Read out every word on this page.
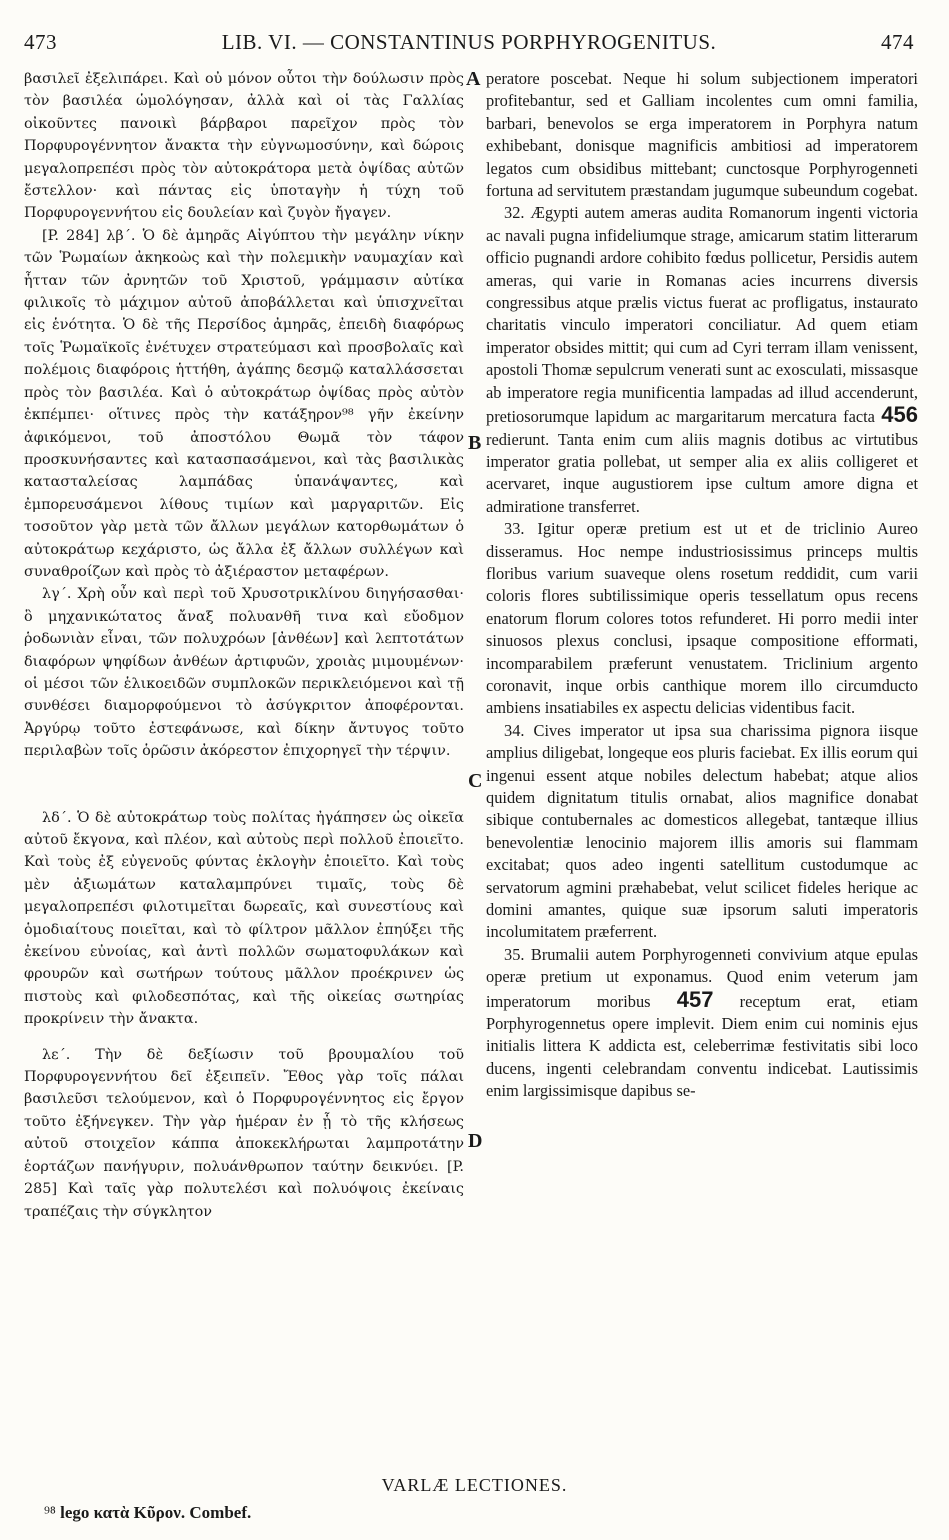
473	LIB. VI. — CONSTANTINUS PORPHYROGENITUS.	474

βασιλεῖ ἐξελιπάρει. Καὶ οὐ μόνον οὗτοι τὴν δούλωσιν πρὸς τὸν βασιλέα ὡμολόγησαν, ἀλλὰ καὶ οἱ τὰς Γαλλίας οἰκοῦντες πανοικὶ βάρβαροι παρεῖχον πρὸς τὸν Πορφυρογέννητον ἄνακτα τὴν εὐγνωμοσύνην, καὶ δώροις μεγαλοπρεπέσι πρὸς τὸν αὐτοκράτορα μετὰ ὀψίδας αὐτῶν ἔστελλον· καὶ πάντας εἰς ὑποταγὴν ἡ τύχη τοῦ Πορφυρογεννήτου εἰς δουλείαν καὶ ζυγὸν ἤγαγεν.

[P. 284] λβ΄. Ὁ δὲ ἀμηρᾶς Αἰγύπτου τὴν μεγάλην νίκην τῶν Ῥωμαίων ἀκηκοὼς καὶ τὴν πολεμικὴν ναυμαχίαν καὶ ἧτταν τῶν ἀρνητῶν τοῦ Χριστοῦ, γράμμασιν αὐτίκα φιλικοῖς τὸ μάχιμον αὐτοῦ ἀποβάλλεται καὶ ὑπισχνεῖται εἰς ἑνότητα. Ὁ δὲ τῆς Περσίδος ἀμηρᾶς, ἐπειδὴ διαφόρως τοῖς Ῥωμαϊκοῖς ἐνέτυχεν στρατεύμασι καὶ προσβολαῖς καὶ πολέμοις διαφόροις ἡττήθη, ἀγάπης δεσμῷ καταλλάσσεται πρὸς τὸν βασιλέα. Καὶ ὁ αὐτοκράτωρ ὀψίδας πρὸς αὐτὸν ἐκπέμπει· οἵτινες πρὸς τὴν κατάξηρον⁹⁸ γῆν ἐκείνην ἀφικόμενοι, τοῦ ἀποστόλου Θωμᾶ τὸν τάφον προσκυνήσαντες καὶ κατασπασάμενοι, καὶ τὰς βασιλικὰς κατασταλείσας λαμπάδας ὑπανάψαντες, καὶ ἐμπορευσάμενοι λίθους τιμίων καὶ μαργαριτῶν. Εἰς τοσοῦτον γὰρ μετὰ τῶν ἄλλων μεγάλων κατορθωμάτων ὁ αὐτοκράτωρ κεχάριστο, ὡς ἄλλα ἐξ ἄλλων συλλέγων καὶ συναθροίζων καὶ πρὸς τὸ ἀξιέραστον μεταφέρων.

λγ΄. Χρὴ οὖν καὶ περὶ τοῦ Χρυσοτρικλίνου διηγήσασθαι· ὃ μηχανικώτατος ἄναξ πολυανθῆ τινα καὶ εὔοδμον ῥοδωνιὰν εἶναι, τῶν πολυχρόων [ἀνθέων] καὶ λεπτοτάτων διαφόρων ψηφίδων ἀνθέων ἀρτιφυῶν, χροιὰς μιμουμένων· οἱ μέσοι τῶν ἑλικοειδῶν συμπλοκῶν περικλειόμενοι καὶ τῇ συνθέσει διαμορφούμενοι τὸ ἀσύγκριτον ἀποφέρονται. Ἀργύρῳ τοῦτο ἐστεφάνωσε, καὶ δίκην ἄντυγος τοῦτο περιλαβὼν τοῖς ὁρῶσιν ἀκόρεστον ἐπιχορηγεῖ τὴν τέρψιν.

λδ΄. Ὁ δὲ αὐτοκράτωρ τοὺς πολίτας ἠγάπησεν ὡς οἰκεῖα αὐτοῦ ἔκγονα, καὶ πλέον, καὶ αὐτοὺς περὶ πολλοῦ ἐποιεῖτο. Καὶ τοὺς ἐξ εὐγενοῦς φύντας ἐκλογὴν ἐποιεῖτο. Καὶ τοὺς μὲν ἀξιωμάτων καταλαμπρύνει τιμαῖς, τοὺς δὲ μεγαλοπρεπέσι φιλοτιμεῖται δωρεαῖς, καὶ συνεστίους καὶ ὁμοδιαίτους ποιεῖται, καὶ τὸ φίλτρον μᾶλλον ἐπηύξει τῆς ἐκείνου εὐνοίας, καὶ ἀντὶ πολλῶν σωματοφυλάκων καὶ φρουρῶν καὶ σωτήρων τούτους μᾶλλον προέκρινεν ὡς πιστοὺς καὶ φιλοδεσπότας, καὶ τῆς οἰκείας σωτηρίας προκρίνειν τὴν ἄνακτα.

λε΄. Τὴν δὲ δεξίωσιν τοῦ βρουμαλίου τοῦ Πορφυρογεννήτου δεῖ ἐξειπεῖν. Ἔθος γὰρ τοῖς πάλαι βασιλεῦσι τελούμενον, καὶ ὁ Πορφυρογέννητος εἰς ἔργον τοῦτο ἐξήνεγκεν. Τὴν γὰρ ἡμέραν ἐν ᾗ τὸ τῆς κλήσεως αὐτοῦ στοιχεῖον κάππα ἀποκεκλήρωται λαμπροτάτην ἑορτάζων πανήγυριν, πολυάνθρωπον ταύτην δεικνύει. [P. 285] Καὶ ταῖς γὰρ πολυτελέσι καὶ πολυόψοις ἐκείναις τραπέζαις τὴν σύγκλητον

A
B
C
D

peratore poscebat. Neque hi solum subjectionem imperatori profitebantur, sed et Galliam incolentes cum omni familia, barbari, benevolos se erga imperatorem in Porphyra natum exhibebant, donisque magnificis ambitiosi ad imperatorem legatos cum obsidibus mittebant; cunctosque Porphyrogenneti fortuna ad servitutem præstandam jugumque subeundum cogebat.

32. Ægypti autem ameras audita Romanorum ingenti victoria ac navali pugna infideliumque strage, amicarum statim litterarum officio pugnandi ardore cohibito fœdus pollicetur, Persidis autem ameras, qui varie in Romanas acies incurrens diversis congressibus atque prælis victus fuerat ac profligatus, instaurato charitatis vinculo imperatori conciliatur. Ad quem etiam imperator obsides mittit; qui cum ad Cyri terram illam venissent, apostoli Thomæ sepulcrum venerati sunt ac exosculati, missasque ab imperatore regia munificentia lampadas ad illud accenderunt, pretiosorumque lapidum ac margaritarum mercatura facta 456 redierunt. Tanta enim cum aliis magnis dotibus ac virtutibus imperator gratia pollebat, ut semper alia ex aliis colligeret et acervaret, inque augustiorem ipse cultum amore digna et admiratione transferret.

33. Igitur operæ pretium est ut et de triclinio Aureo disseramus. Hoc nempe industriosissimus princeps multis floribus varium suaveque olens rosetum reddidit, cum varii coloris flores subtilissimique operis tessellatum opus recens enatorum florum colores totos refunderet. Hi porro medii inter sinuosos plexus conclusi, ipsaque compositione efformati, incomparabilem præferunt venustatem. Triclinium argento coronavit, inque orbis canthique morem illo circumducto ambiens insatiabiles ex aspectu delicias videntibus facit.

34. Cives imperator ut ipsa sua charissima pignora iisque amplius diligebat, longeque eos pluris faciebat. Ex illis eorum qui ingenui essent atque nobiles delectum habebat; atque alios quidem dignitatum titulis ornabat, alios magnifice donabat sibique contubernales ac domesticos allegebat, tantæque illius benevolentiæ lenocinio majorem illis amoris sui flammam excitabat; quos adeo ingenti satellitum custodumque ac servatorum agmini præhabebat, velut scilicet fideles herique ac domini amantes, quique suæ ipsorum saluti imperatoris incolumitatem præferrent.

35. Brumalii autem Porphyrogenneti convivium atque epulas operæ pretium ut exponamus. Quod enim veterum jam imperatorum moribus 457 receptum erat, etiam Porphyrogennetus opere implevit. Diem enim cui nominis ejus initialis littera K addicta est, celeberrimæ festivitatis sibi loco ducens, ingenti celebrandam conventu indicebat. Lautissimis enim largissimisque dapibus se-

VARLÆ LECTIONES.
⁹⁸ lego κατὰ Κῦρον. Combef.
